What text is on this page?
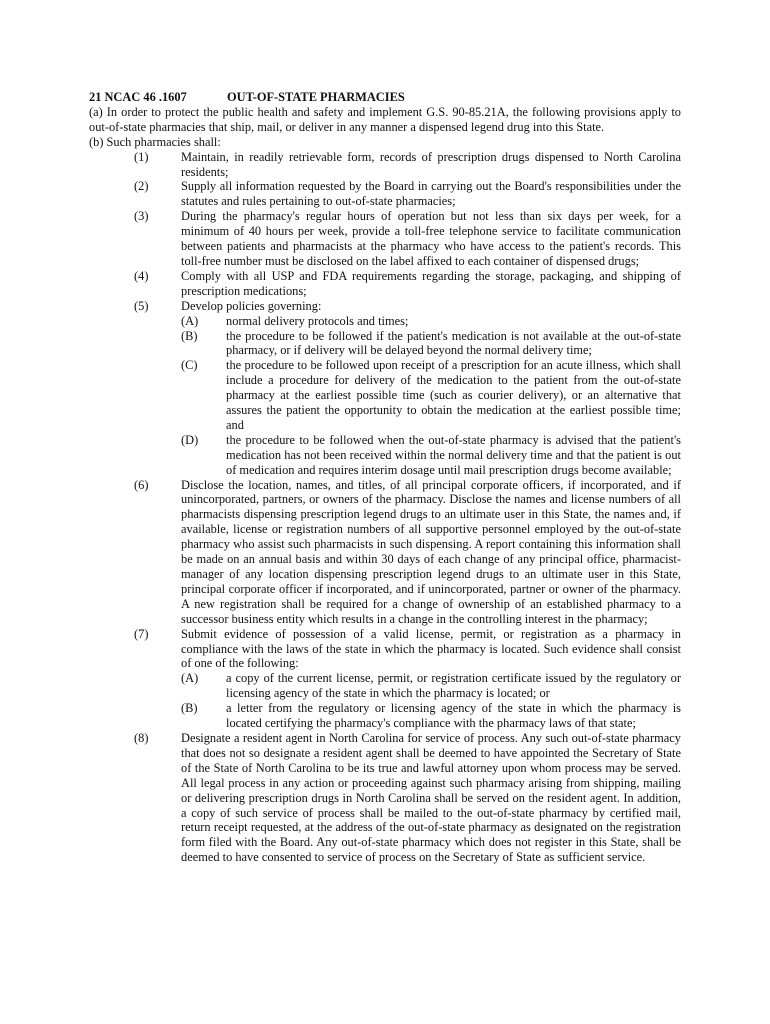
21 NCAC 46 .1607	OUT-OF-STATE PHARMACIES

(a) In order to protect the public health and safety and implement G.S. 90-85.21A, the following provisions apply to out-of-state pharmacies that ship, mail, or deliver in any manner a dispensed legend drug into this State.

(b) Such pharmacies shall:

(1)	Maintain, in readily retrievable form, records of prescription drugs dispensed to North Carolina residents;
(2)	Supply all information requested by the Board in carrying out the Board's responsibilities under the statutes and rules pertaining to out-of-state pharmacies;
(3)	During the pharmacy's regular hours of operation but not less than six days per week, for a minimum of 40 hours per week, provide a toll-free telephone service to facilitate communication between patients and pharmacists at the pharmacy who have access to the patient's records. This toll-free number must be disclosed on the label affixed to each container of dispensed drugs;
(4)	Comply with all USP and FDA requirements regarding the storage, packaging, and shipping of prescription medications;
(5)	Develop policies governing:
(A)	normal delivery protocols and times;
(B)	the procedure to be followed if the patient's medication is not available at the out-of-state pharmacy, or if delivery will be delayed beyond the normal delivery time;
(C)	the procedure to be followed upon receipt of a prescription for an acute illness, which shall include a procedure for delivery of the medication to the patient from the out-of-state pharmacy at the earliest possible time (such as courier delivery), or an alternative that assures the patient the opportunity to obtain the medication at the earliest possible time; and
(D)	the procedure to be followed when the out-of-state pharmacy is advised that the patient's medication has not been received within the normal delivery time and that the patient is out of medication and requires interim dosage until mail prescription drugs become available;
(6)	Disclose the location, names, and titles, of all principal corporate officers, if incorporated, and if unincorporated, partners, or owners of the pharmacy. Disclose the names and license numbers of all pharmacists dispensing prescription legend drugs to an ultimate user in this State, the names and, if available, license or registration numbers of all supportive personnel employed by the out-of-state pharmacy who assist such pharmacists in such dispensing. A report containing this information shall be made on an annual basis and within 30 days of each change of any principal office, pharmacist-manager of any location dispensing prescription legend drugs to an ultimate user in this State, principal corporate officer if incorporated, and if unincorporated, partner or owner of the pharmacy. A new registration shall be required for a change of ownership of an established pharmacy to a successor business entity which results in a change in the controlling interest in the pharmacy;
(7)	Submit evidence of possession of a valid license, permit, or registration as a pharmacy in compliance with the laws of the state in which the pharmacy is located. Such evidence shall consist of one of the following:
(A)	a copy of the current license, permit, or registration certificate issued by the regulatory or licensing agency of the state in which the pharmacy is located; or
(B)	a letter from the regulatory or licensing agency of the state in which the pharmacy is located certifying the pharmacy's compliance with the pharmacy laws of that state;
(8)	Designate a resident agent in North Carolina for service of process. Any such out-of-state pharmacy that does not so designate a resident agent shall be deemed to have appointed the Secretary of State of the State of North Carolina to be its true and lawful attorney upon whom process may be served. All legal process in any action or proceeding against such pharmacy arising from shipping, mailing or delivering prescription drugs in North Carolina shall be served on the resident agent. In addition, a copy of such service of process shall be mailed to the out-of-state pharmacy by certified mail, return receipt requested, at the address of the out-of-state pharmacy as designated on the registration form filed with the Board. Any out-of-state pharmacy which does not register in this State, shall be deemed to have consented to service of process on the Secretary of State as sufficient service.
